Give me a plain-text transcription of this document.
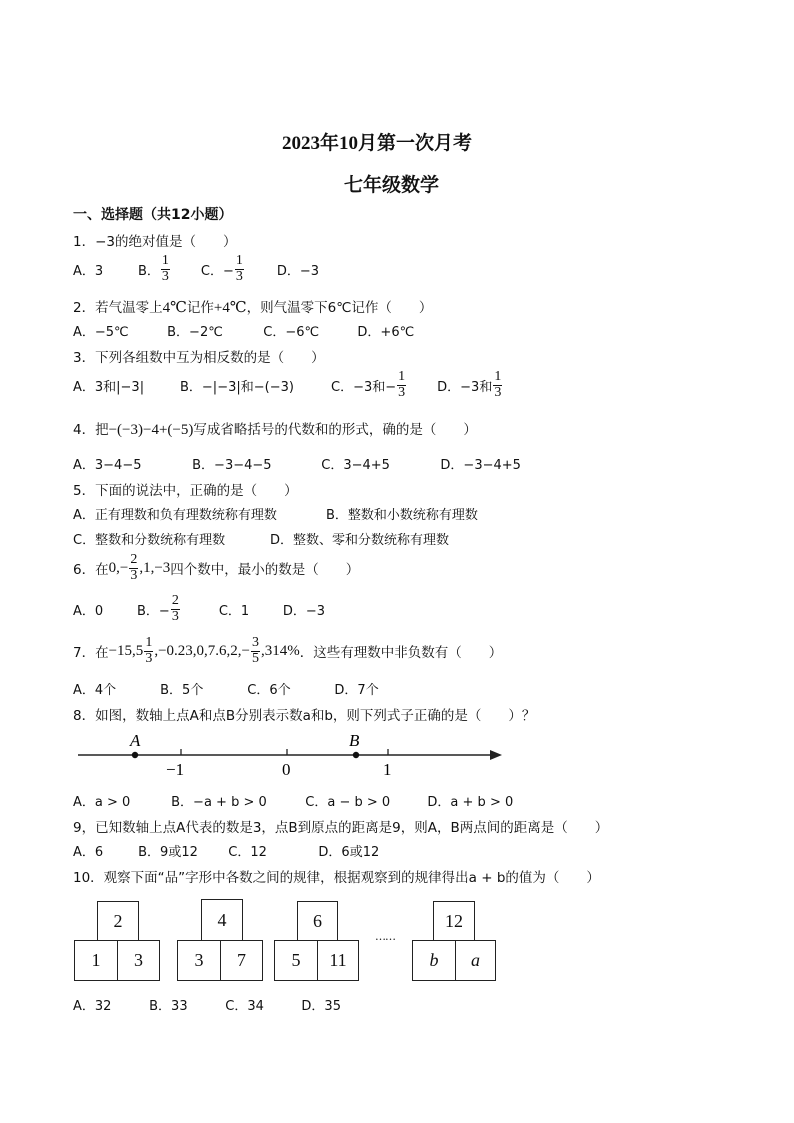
2023年10月第一次月考
七年级数学
一、选择题（共12小题）
1．−3的绝对值是（　　）
A．3	B． $\frac{1}{3}$ C．− $\frac{1}{3}$	D．−3
2．若气温零上4℃记作+4℃，则气温零下6℃记作（　　）
A．−5℃	B．−2℃	C．−6℃	D．+6℃
3．下列各组数中互为相反数的是（　　）
A．3和|−3|	B．−|−3|和−(−3)	C．−3和− $\frac{1}{3}$ D．−3和 $\frac{1}{3}$
4．把−(−3)−4+(−5)写成省略括号的代数和的形式，确的是（　　）
A．3−4−5	B．−3−4−5	C．3−4+5	D．−3−4+5
5．下面的说法中，正确的是（　　）
A．正有理数和负有理数统称有理数	B．整数和小数统称有理数
C．整数和分数统称有理数	D．整数、零和分数统称有理数
6．在 $0,- \frac{2}{3} ,1,-3$ 四个数中，最小的数是（　　）
A．0	B．− $\frac{2}{3}$	C．1	D．−3
7．在 $-15,5 \frac{1}{3} ,-0.23,0,7.6,2,- \frac{3}{5} ,314\%$ ．这些有理数中非负数有（　　）
A．4个	B．5个	C．6个	D．7个
8．如图，数轴上点A和点B分别表示数a和b，则下列式子正确的是（　　）？
A	B
−1	0	1
A．a > 0	B．−a + b > 0	C．a − b > 0	D．a + b > 0
9，已知数轴上点A代表的数是3，点B到原点的距离是9，则A，B两点间的距离是（　　）
A．6	B．9或12 C．12	D．6或12
10．观察下面“品”字形中各数之间的规律，根据观察到的规律得出a + b的值为（　　）
2
1	3
4
3	7
6
5	11
……
12
b	a
A．32	B．33	C．34	D．35
